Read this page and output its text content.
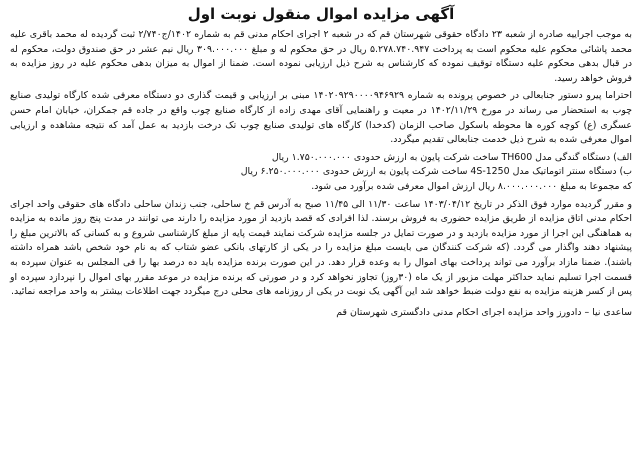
آگهی مزایده اموال منقول نوبت اول

به موجب اجراییه صادره از شعبه ۲۳ دادگاه حقوقی شهرستان قم که در شعبه ۲ اجرای احکام مدنی قم به شماره ۱۴۰۲/ج۲/۷۴۰ ثبت گردیده له محمد باقری علیه محمد پاشائی محکوم علیه محکوم است به پرداخت ۵.۲۷۸.۷۴۰.۹۴۷ ریال در حق محکوم له و مبلغ ۳۰۹.۰۰۰.۰۰۰ ریال نیم عشر در حق صندوق دولت، محکوم له در قبال بدهی محکوم علیه دستگاه توقیف نموده که کارشناس به شرح ذیل ارزیابی نموده است. ضمنا از اموال به میزان بدهی محکوم علیه در روز مزایده به فروش خواهد رسید.

احتراما پیرو دستور جنابعالی در خصوص پرونده به شماره ۱۴۰۲۰۹۲۹۰۰۰۰۹۴۶۹۲۹ مبنی بر ارزیابی و قیمت گذاری دو دستگاه معرفی شده کارگاه تولیدی صنایع چوب به استحضار می رساند در مورخ ۱۴۰۲/۱۱/۲۹ در معیت و راهنمایی آقای مهدی زاده از کارگاه صنایع چوب واقع در جاده قم جمکران، خیابان امام حسن عسگری (ع) کوچه کوره ها محوطه باسکول صاحب الزمان (کدخدا) کارگاه های تولیدی صنایع چوب تک درخت بازدید به عمل آمد که نتیجه مشاهده و ارزیابی اموال معرفی شده به شرح ذیل خدمت جنابعالی تقدیم میگردد.

الف) دستگاه گندگی مدل TH600 ساخت شرکت پایون به ارزش حدودی ۱.۷۵۰.۰۰۰.۰۰۰ ریال

ب) دستگاه سنتر اتوماتیک مدل 4S-1250 ساخت شرکت پایون به ارزش حدودی ۶.۲۵۰.۰۰۰.۰۰۰ ریال

که مجموعا به مبلغ ۸.۰۰۰.۰۰۰.۰۰۰ ریال ارزش اموال معرفی شده برآورد می شود.

و مقرر گردیده موارد فوق الذکر در تاریخ ۱۴۰۳/۰۴/۱۲ ساعت ۱۱/۳۰ الی ۱۱/۴۵ صبح به آدرس قم خ ساحلی، جنب زندان ساحلی دادگاه های حقوقی واحد اجرای احکام مدنی اتاق مزایده از طریق مزایده حضوری به فروش برسند. لذا افرادی که قصد بازدید از مورد مزایده را دارند می توانند در مدت پنج روز مانده به مزایده به هماهنگی این اجرا از مورد مزایده بازدید و در صورت تمایل در جلسه مزایده شرکت نمایند قیمت پایه از مبلغ کارشناسی شروع و به کسانی که بالاترین مبلغ را پیشنهاد دهند واگذار می گردد. (که شرکت کنندگان می بایست مبلغ مزایده را در یکی از کارتهای بانکی عضو شتاب که به نام خود شخص باشد همراه داشته باشند). ضمنا مازاد برآورد می تواند پرداخت بهای اموال را به وعده قرار دهد. در این صورت برنده مزایده باید ده درصد بها را فی المجلس به عنوان سپرده به قسمت اجرا تسلیم نماید حداکثر مهلت مزبور از یک ماه (۳۰روز) تجاوز نخواهد کرد و در صورتی که برنده مزایده در موعد مقرر بهای اموال را نپردازد سپرده او پس از کسر هزینه مزایده به نفع دولت ضبط خواهد شد این آگهی یک نوبت در یکی از روزنامه های محلی درج میگردد جهت اطلاعات بیشتر به واحد مراجعه نمائید.

ساعدی نیا – دادورز واحد مزایده اجرای احکام مدنی دادگستری شهرستان قم
